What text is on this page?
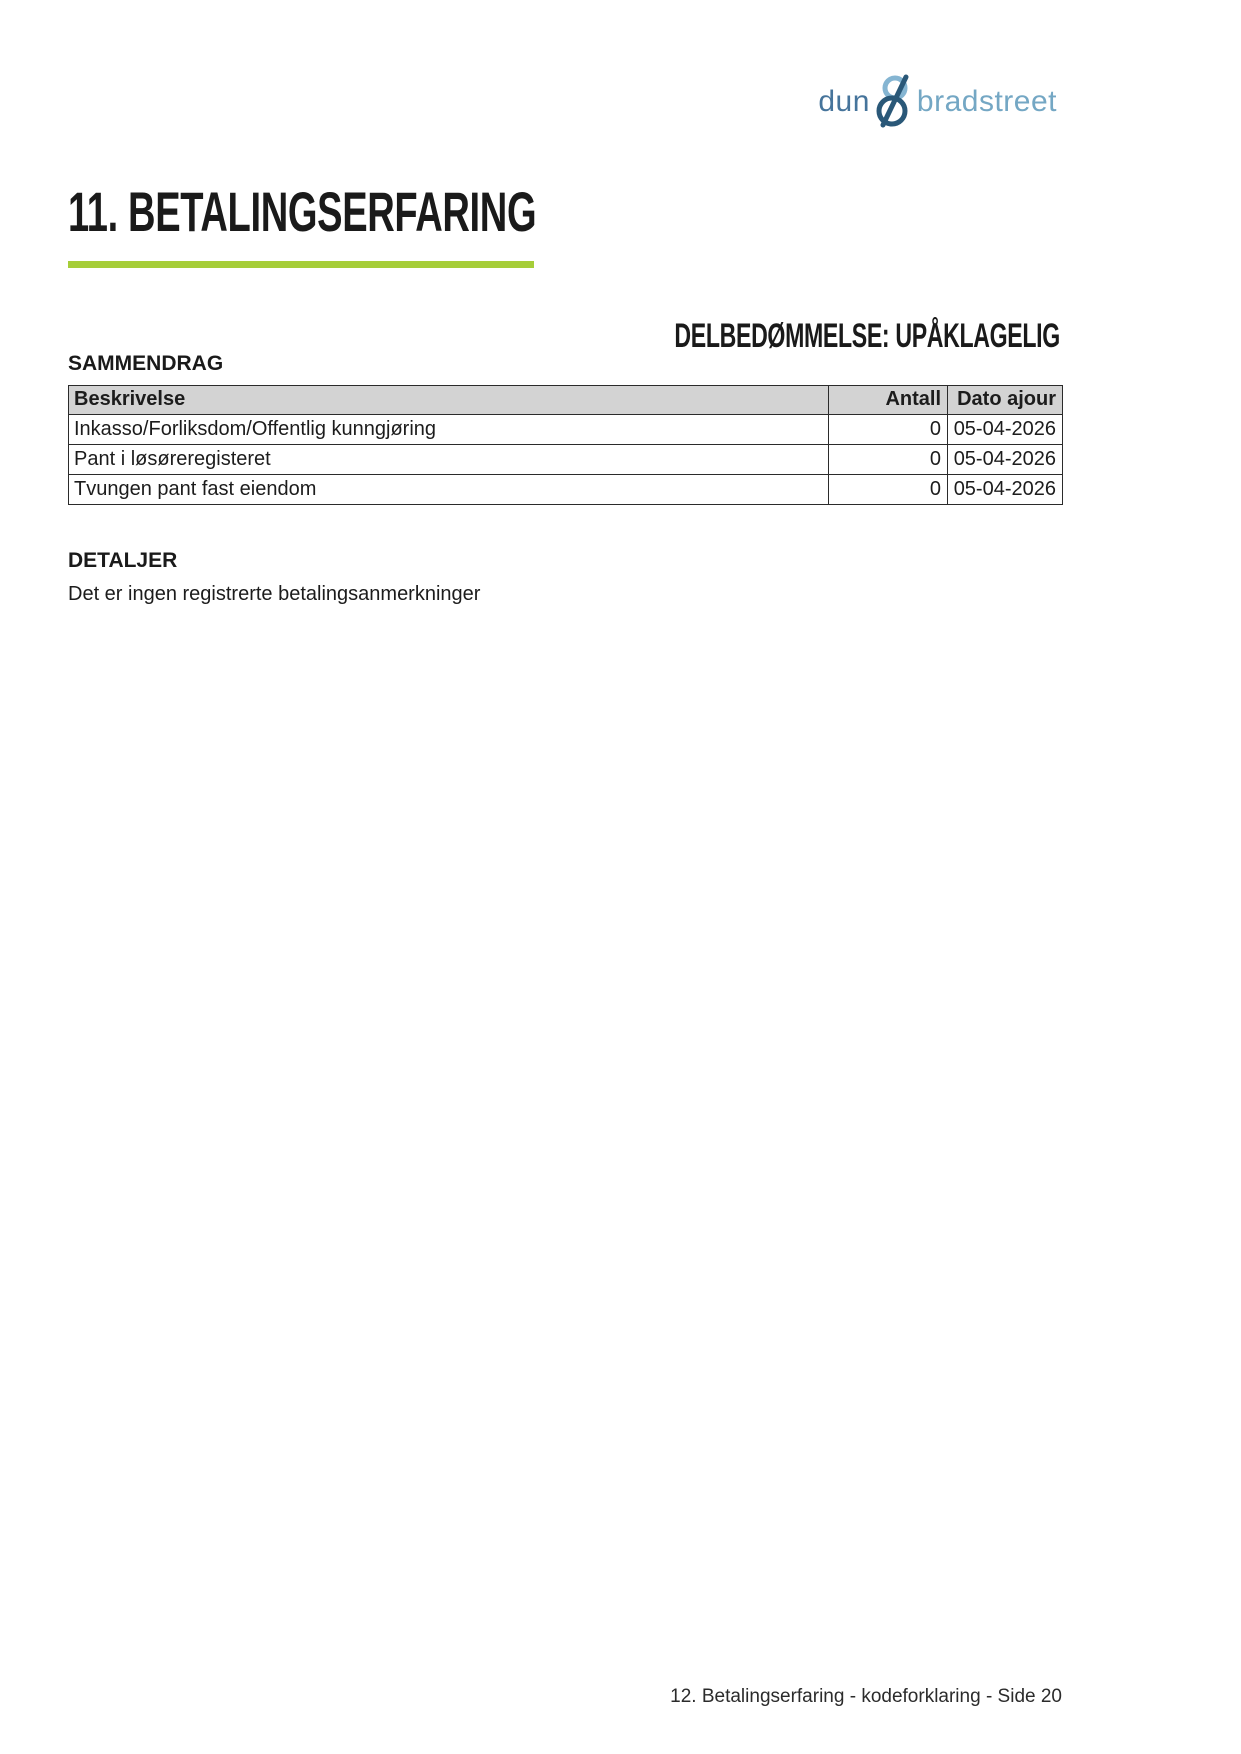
dun bradstreet
11. BETALINGSERFARING
DELBEDØMMELSE: UPÅKLAGELIG
SAMMENDRAG
Beskrivelse	Antall	Dato ajour
Inkasso/Forliksdom/Offentlig kunngjøring	0	05-04-2026
Pant i løsøreregisteret	0	05-04-2026
Tvungen pant fast eiendom	0	05-04-2026
DETALJER
Det er ingen registrerte betalingsanmerkninger
12. Betalingserfaring - kodeforklaring - Side 20
